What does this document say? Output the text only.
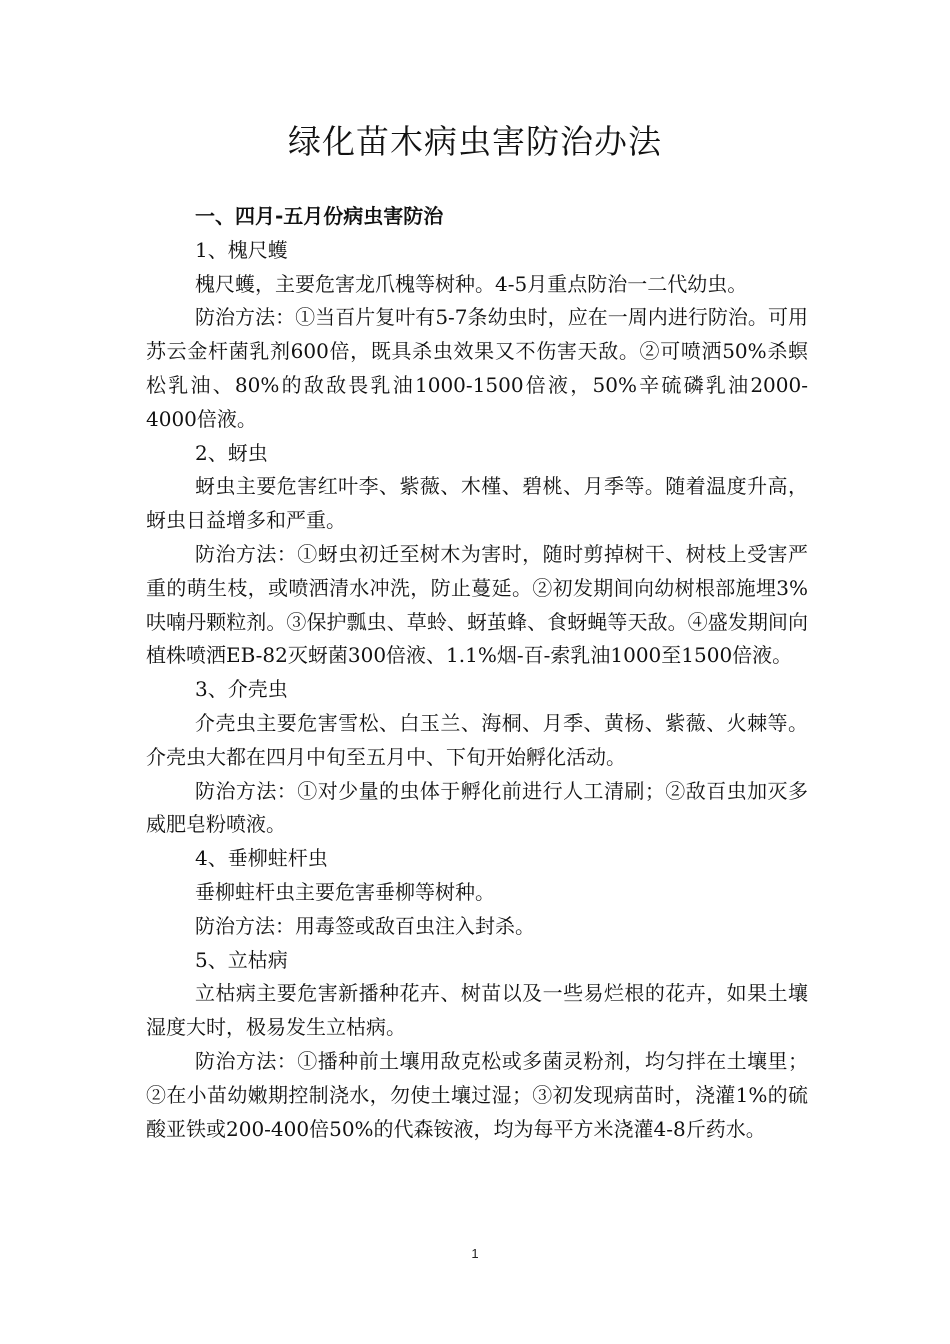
绿化苗木病虫害防治办法

一、四月-五月份病虫害防治

1、槐尺蠖

槐尺蠖，主要危害龙爪槐等树种。4-5月重点防治一二代幼虫。

防治方法：①当百片复叶有5-7条幼虫时，应在一周内进行防治。可用苏云金杆菌乳剂600倍，既具杀虫效果又不伤害天敌。②可喷洒50%杀螟松乳油、80%的敌敌畏乳油1000-1500倍液，50%辛硫磷乳油2000-4000倍液。

2、蚜虫

蚜虫主要危害红叶李、紫薇、木槿、碧桃、月季等。随着温度升高，蚜虫日益增多和严重。

防治方法：①蚜虫初迁至树木为害时，随时剪掉树干、树枝上受害严重的萌生枝，或喷洒清水冲洗，防止蔓延。②初发期间向幼树根部施埋3%呋喃丹颗粒剂。③保护瓢虫、草蛉、蚜茧蜂、食蚜蝇等天敌。④盛发期间向植株喷洒EB-82灭蚜菌300倍液、1.1%烟-百-索乳油1000至1500倍液。

3、介壳虫

介壳虫主要危害雪松、白玉兰、海桐、月季、黄杨、紫薇、火棘等。介壳虫大都在四月中旬至五月中、下旬开始孵化活动。

防治方法：①对少量的虫体于孵化前进行人工清刷；②敌百虫加灭多威肥皂粉喷液。

4、垂柳蛀杆虫

垂柳蛀杆虫主要危害垂柳等树种。

防治方法：用毒签或敌百虫注入封杀。

5、立枯病

立枯病主要危害新播种花卉、树苗以及一些易烂根的花卉，如果土壤湿度大时，极易发生立枯病。

防治方法：①播种前土壤用敌克松或多菌灵粉剂，均匀拌在土壤里；②在小苗幼嫩期控制浇水，勿使土壤过湿；③初发现病苗时，浇灌1%的硫酸亚铁或200-400倍50%的代森铵液，均为每平方米浇灌4-8斤药水。

1
